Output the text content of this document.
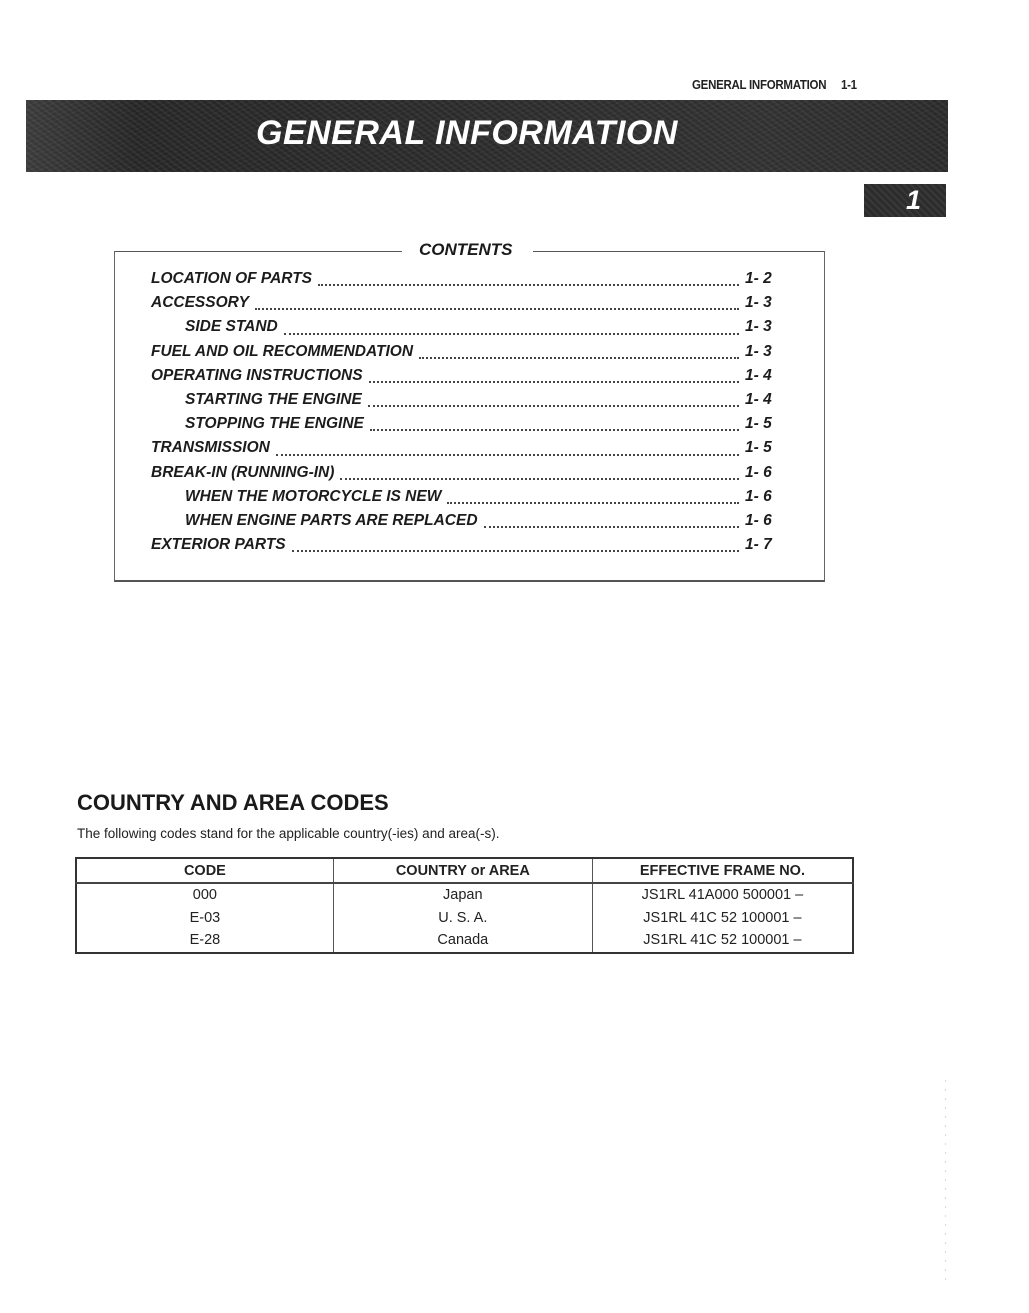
GENERAL INFORMATION 1-1
GENERAL INFORMATION
1
CONTENTS
LOCATION OF PARTS	1- 2
ACCESSORY	1- 3
SIDE STAND	1- 3
FUEL AND OIL RECOMMENDATION	1- 3
OPERATING INSTRUCTIONS	1- 4
STARTING THE ENGINE	1- 4
STOPPING THE ENGINE	1- 5
TRANSMISSION	1- 5
BREAK-IN (RUNNING-IN)	1- 6
WHEN THE MOTORCYCLE IS NEW	1- 6
WHEN ENGINE PARTS ARE REPLACED	1- 6
EXTERIOR PARTS	1- 7
COUNTRY AND AREA CODES

The following codes stand for the applicable country(-ies) and area(-s).

CODE	COUNTRY or AREA	EFFECTIVE FRAME NO.
000	Japan	JS1RL 41A000 500001 –
E-03	U. S. A.	JS1RL 41C 52 100001 –
E-28	Canada	JS1RL 41C 52 100001 –
